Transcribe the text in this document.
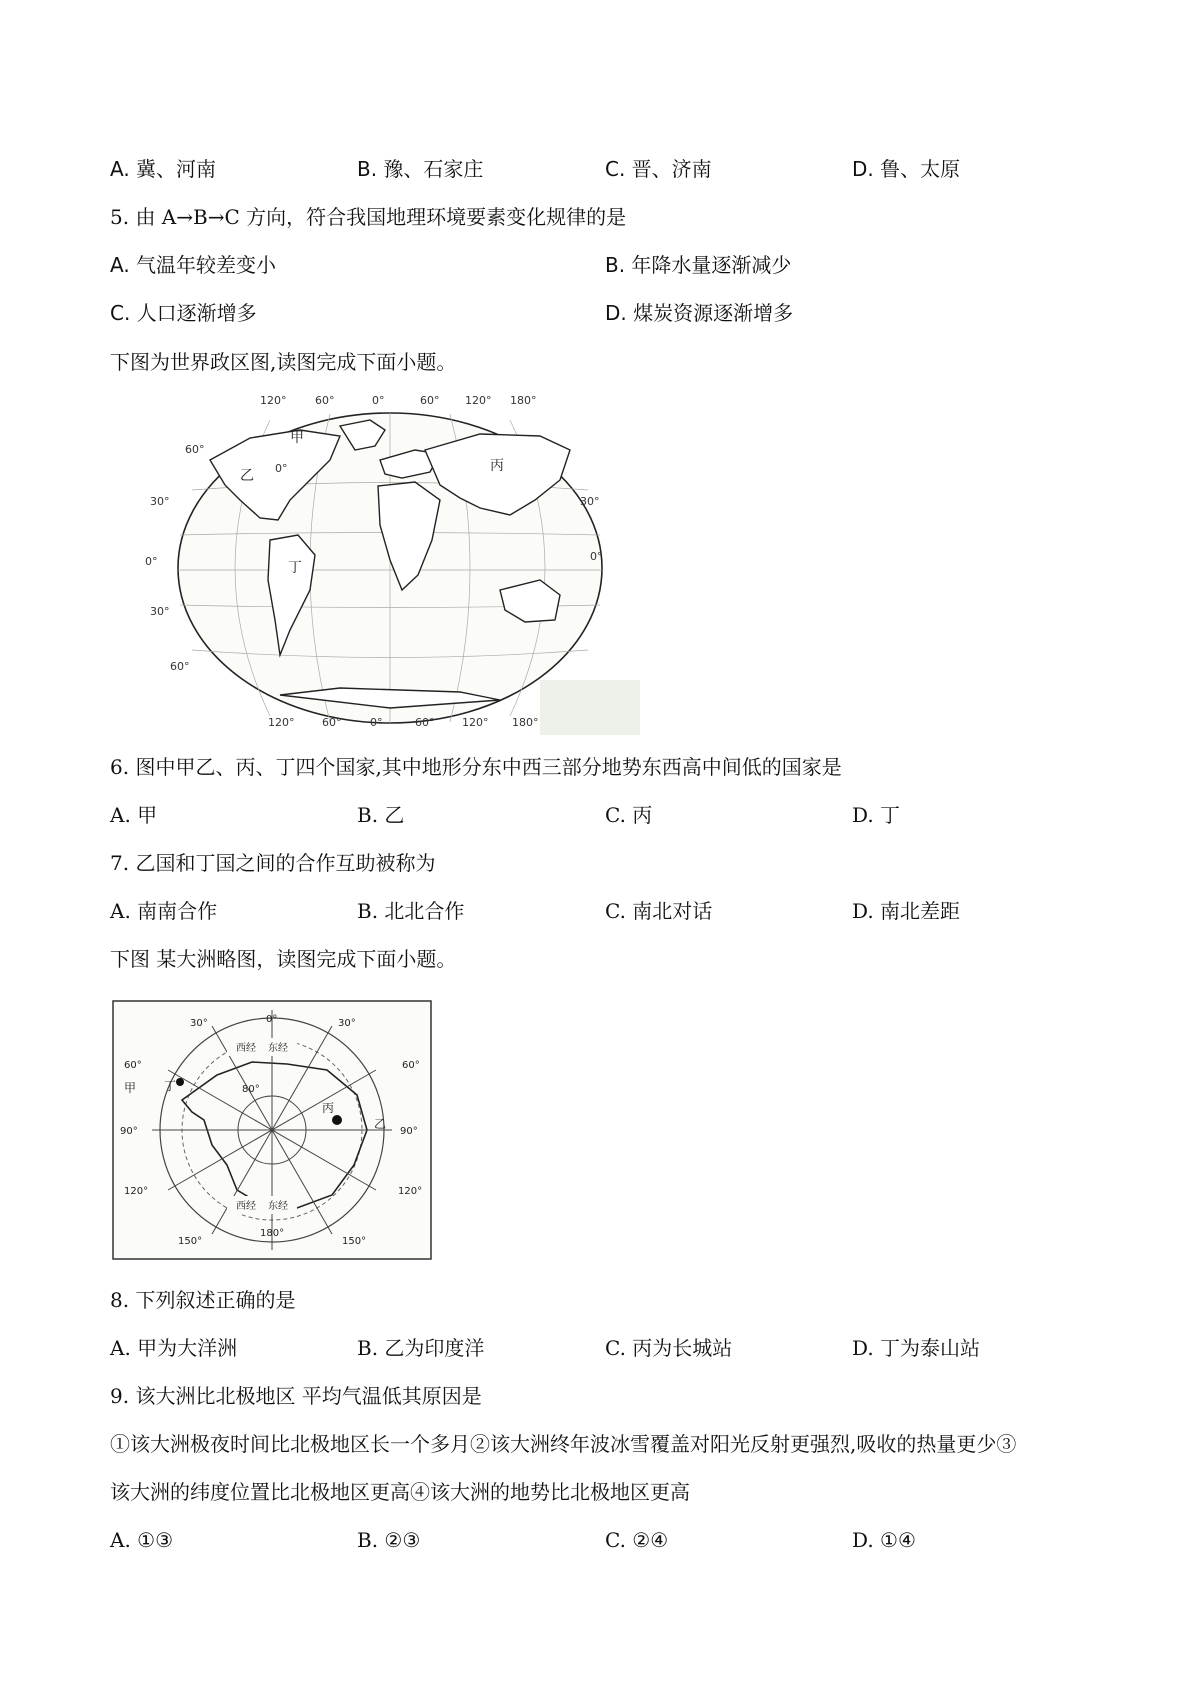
A. 冀、河南	B. 豫、石家庄	C. 晋、济南	D. 鲁、太原
5. 由 A→B→C 方向，符合我国地理环境要素变化规律的是
A. 气温年较差变小	B. 年降水量逐渐减少
C. 人口逐渐增多	D. 煤炭资源逐渐增多
下图为世界政区图,读图完成下面小题。
120°	60°	0°	60° 120° 180°
120°	60°	0°	60°	120° 180°
60°
30°
0°
30°
60°
30°
0°
0°
甲
乙
丙
丁
6. 图中甲乙、丙、丁四个国家,其中地形分东中西三部分地势东西高中间低的国家是
A. 甲	B. 乙	C. 丙	D. 丁
7. 乙国和丁国之间的合作互助被称为
A. 南南合作	B. 北北合作	C. 南北对话	D. 南北差距
下图 某大洲略图，读图完成下面小题。
0°
30°	30°
60°	60°
90°	90°
120°	120°
150°	150°
180°
80°
西经 东经
西经 东经
甲
乙
丙
丁
8. 下列叙述正确的是
A. 甲为大洋洲	B. 乙为印度洋	C. 丙为长城站	D. 丁为泰山站
9. 该大洲比北极地区 平均气温低其原因是
①该大洲极夜时间比北极地区长一个多月②该大洲终年波冰雪覆盖对阳光反射更强烈,吸收的热量更少③
该大洲的纬度位置比北极地区更高④该大洲的地势比北极地区更高
A. ①③	B. ②③	C. ②④	D. ①④
